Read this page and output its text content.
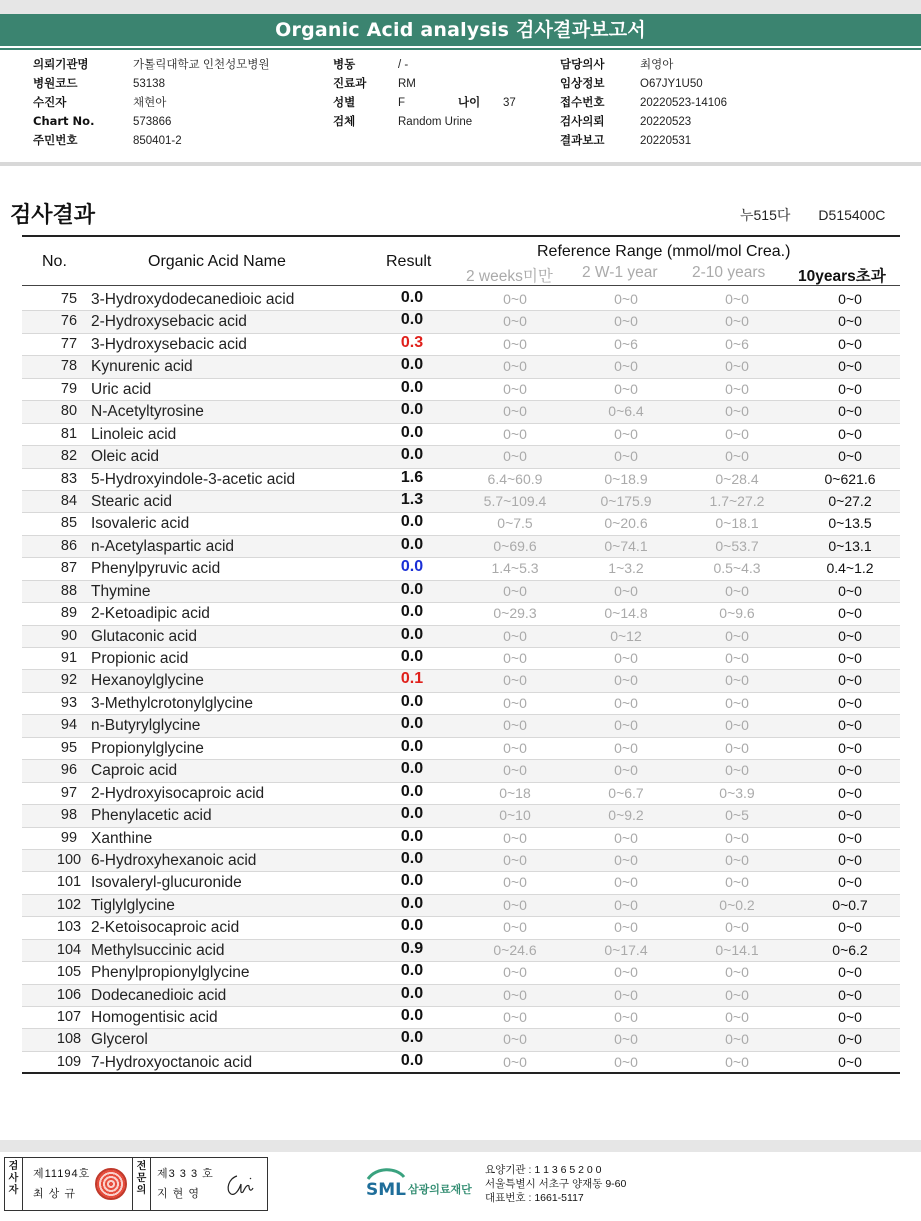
Organic Acid analysis 검사결과보고서
의뢰기관명	가톨릭대학교 인천성모병원
병원코드	53138
수진자	채현아
Chart No.	573866
주민번호	850401-2
병동	/ -
진료과	RM
성별	F	나이 37
검체	Random Urine
담당의사	최영아
임상정보	O67JY1U50
접수번호	20220523-14106
검사의뢰	20220523
결과보고	20220531
검사결과	누515다 D515400C
No.	Organic Acid Name	Result
Reference Range (mmol/mol Crea.)
2 weeks미만 2 W-1 year 2-10 years 10years초과
75 3-Hydroxydodecanedioic acid	0.0	0~0	0~0	0~0	0~0
76 2-Hydroxysebacic acid	0.0	0~0	0~0	0~0	0~0
77 3-Hydroxysebacic acid	0.3	0~0	0~6	0~6	0~0
78 Kynurenic acid	0.0	0~0	0~0	0~0	0~0
79 Uric acid	0.0	0~0	0~0	0~0	0~0
80 N-Acetyltyrosine	0.0	0~0	0~6.4	0~0	0~0
81 Linoleic acid	0.0	0~0	0~0	0~0	0~0
82 Oleic acid	0.0	0~0	0~0	0~0	0~0
83 5-Hydroxyindole-3-acetic acid	1.6	6.4~60.9	0~18.9	0~28.4	0~621.6
84 Stearic acid	1.3	5.7~109.4	0~175.9	1.7~27.2	0~27.2
85 Isovaleric acid	0.0	0~7.5	0~20.6	0~18.1	0~13.5
86 n-Acetylaspartic acid	0.0	0~69.6	0~74.1	0~53.7	0~13.1
87 Phenylpyruvic acid	0.0	1.4~5.3	1~3.2	0.5~4.3	0.4~1.2
88 Thymine	0.0	0~0	0~0	0~0	0~0
89 2-Ketoadipic acid	0.0	0~29.3	0~14.8	0~9.6	0~0
90 Glutaconic acid	0.0	0~0	0~12	0~0	0~0
91 Propionic acid	0.0	0~0	0~0	0~0	0~0
92 Hexanoylglycine	0.1	0~0	0~0	0~0	0~0
93 3-Methylcrotonylglycine	0.0	0~0	0~0	0~0	0~0
94 n-Butyrylglycine	0.0	0~0	0~0	0~0	0~0
95 Propionylglycine	0.0	0~0	0~0	0~0	0~0
96 Caproic acid	0.0	0~0	0~0	0~0	0~0
97 2-Hydroxyisocaproic acid	0.0	0~18	0~6.7	0~3.9	0~0
98 Phenylacetic acid	0.0	0~10	0~9.2	0~5	0~0
99 Xanthine	0.0	0~0	0~0	0~0	0~0
100 6-Hydroxyhexanoic acid	0.0	0~0	0~0	0~0	0~0
101 Isovaleryl-glucuronide	0.0	0~0	0~0	0~0	0~0
102 Tiglylglycine	0.0	0~0	0~0	0~0.2	0~0.7
103 2-Ketoisocaproic acid	0.0	0~0	0~0	0~0	0~0
104 Methylsuccinic acid	0.9	0~24.6	0~17.4	0~14.1	0~6.2
105 Phenylpropionylglycine	0.0	0~0	0~0	0~0	0~0
106 Dodecanedioic acid	0.0	0~0	0~0	0~0	0~0
107 Homogentisic acid	0.0	0~0	0~0	0~0	0~0
108 Glycerol	0.0	0~0	0~0	0~0	0~0
109 7-Hydroxyoctanoic acid	0.0	0~0	0~0	0~0	0~0
검사자
제11194호
최 상 규
전문의
제3 3 3 호
지 현 영	SML 삼광의료재단
요양기관 : 1 1 3 6 5 2 0 0
서울특별시 서초구 양재동 9-60
대표번호 : 1661-5117
